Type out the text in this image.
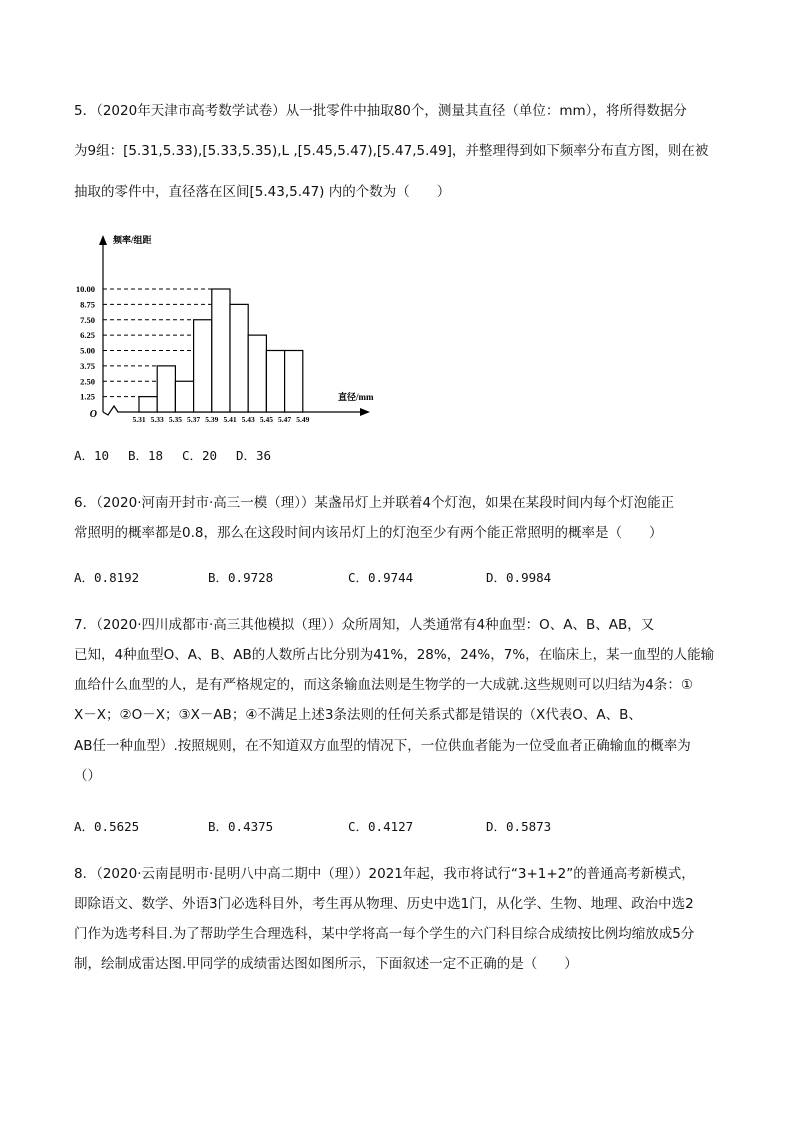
5．（2020年天津市高考数学试卷）从一批零件中抽取80个，测量其直径（单位：mm），将所得数据分
为9组：[5.31,5.33),[5.33,5.35),L ,[5.45,5.47),[5.47,5.49]，并整理得到如下频率分布直方图，则在被
抽取的零件中，直径落在区间[5.43,5.47) 内的个数为（　　）
O
频率/组距
直径/mm
1.25
2.50
3.75
5.00
6.25
7.50
8.75
10.00
5.31 5.33 5.35 5.37 5.39 5.41 5.43 5.45 5.47 5.49
A．10 B．18 C．20 D．36
6．（2020·河南开封市·高三一模（理））某盏吊灯上并联着4个灯泡，如果在某段时间内每个灯泡能正
常照明的概率都是0.8，那么在这段时间内该吊灯上的灯泡至少有两个能正常照明的概率是（　　）
A．0.8192	B．0.9728	C．0.9744	D．0.9984
7．（2020·四川成都市·高三其他模拟（理））众所周知，人类通常有4种血型：O、A、B、AB，又
已知，4种血型O、A、B、AB的人数所占比分别为41%，28%，24%，7%，在临床上，某一血型的人能输
血给什么血型的人，是有严格规定的，而这条输血法则是生物学的一大成就.这些规则可以归结为4条：①
X－X；②O－X；③X－AB；④不满足上述3条法则的任何关系式都是错误的（X代表O、A、B、
AB任一种血型）.按照规则，在不知道双方血型的情况下，一位供血者能为一位受血者正确输血的概率为
（）
A．0.5625	B．0.4375	C．0.4127	D．0.5873
8．（2020·云南昆明市·昆明八中高二期中（理））2021年起，我市将试行“3+1+2”的普通高考新模式，
即除语文、数学、外语3门必选科目外，考生再从物理、历史中选1门，从化学、生物、地理、政治中选2
门作为选考科目.为了帮助学生合理选科，某中学将高一每个学生的六门科目综合成绩按比例均缩放成5分
制，绘制成雷达图.甲同学的成绩雷达图如图所示，下面叙述一定不正确的是（　　）
